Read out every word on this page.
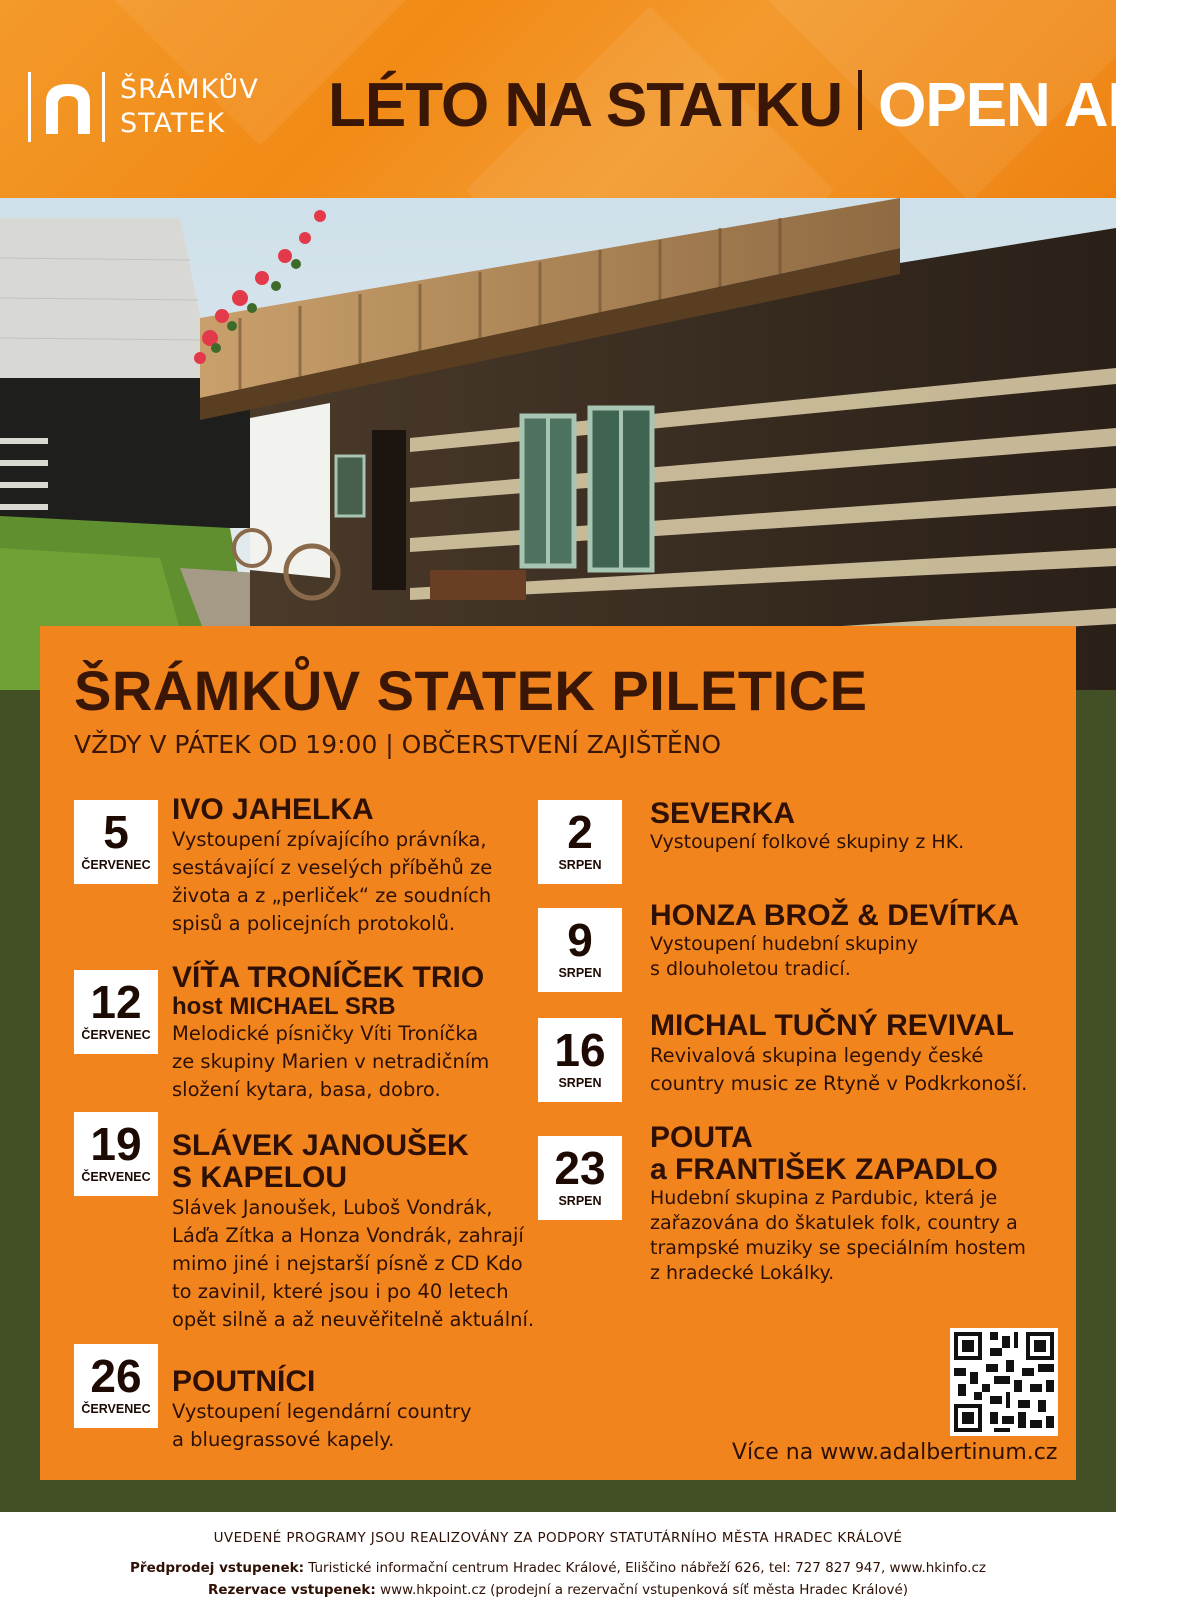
ŠRÁMKŮV
STATEK LÉTO NA STATKU OPEN AIR
ŠRÁMKŮV STATEK PILETICE
VŽDY V PÁTEK OD 19:00 | OBČERSTVENÍ ZAJIŠTĚNO
5
ČERVENEC
IVO JAHELKA
Vystoupení zpívajícího právníka,
sestávající z veselých příběhů ze
života a z „perliček“ ze soudních
spisů a policejních protokolů.
12
ČERVENEC
VÍŤA TRONÍČEK TRIO
host MICHAEL SRB
Melodické písničky Víti Troníčka
ze skupiny Marien v netradičním
složení kytara, basa, dobro.
19
ČERVENEC
SLÁVEK JANOUŠEK
S KAPELOU
Slávek Janoušek, Luboš Vondrák,
Láďa Zítka a Honza Vondrák, zahrají
mimo jiné i nejstarší písně z CD Kdo
to zavinil, které jsou i po 40 letech
opět silně a až neuvěřitelně aktuální.
26
ČERVENEC
POUTNÍCI
Vystoupení legendární country
a bluegrassové kapely.
2
SRPEN
SEVERKA
Vystoupení folkové skupiny z HK.
9
SRPEN
HONZA BROŽ & DEVÍTKA
Vystoupení hudební skupiny
s dlouholetou tradicí.
16
SRPEN
MICHAL TUČNÝ REVIVAL
Revivalová skupina legendy české
country music ze Rtyně v Podkrkonoší.
23
SRPEN
POUTA
a FRANTIŠEK ZAPADLO
Hudební skupina z Pardubic, která je
zařazována do škatulek folk, country a
trampské muziky se speciálním hostem
z hradecké Lokálky.
Více na www.adalbertinum.cz
UVEDENÉ PROGRAMY JSOU REALIZOVÁNY ZA PODPORY STATUTÁRNÍHO MĚSTA HRADEC KRÁLOVÉ
Předprodej vstupenek: Turistické informační centrum Hradec Králové, Eliščino nábřeží 626, tel: 727 827 947, www.hkinfo.cz
Rezervace vstupenek: www.hkpoint.cz (prodejní a rezervační vstupenková síť města Hradec Králové)
